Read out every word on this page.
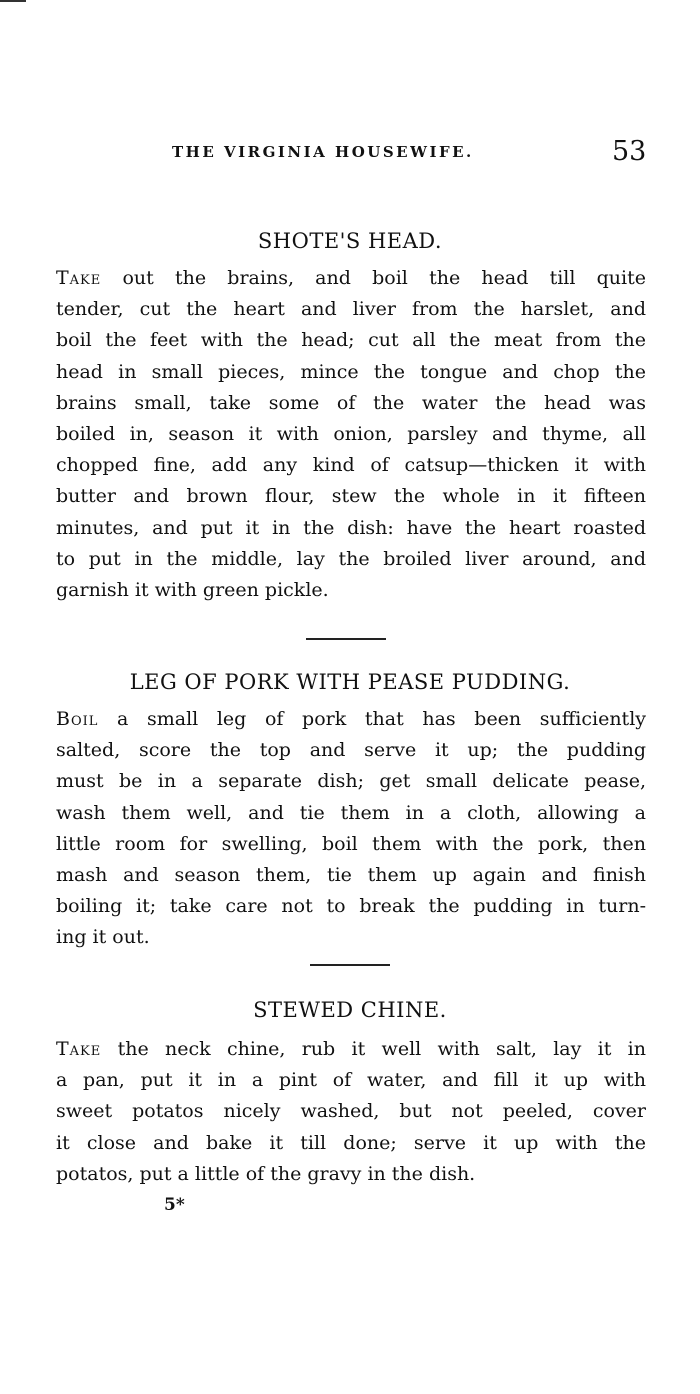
THE VIRGINIA HOUSEWIFE.	53
SHOTE'S HEAD.
Take out the brains, and boil the head till quite
tender, cut the heart and liver from the harslet, and
boil the feet with the head; cut all the meat from the
head in small pieces, mince the tongue and chop the
brains small, take some of the water the head was
boiled in, season it with onion, parsley and thyme, all
chopped fine, add any kind of catsup—thicken it with
butter and brown flour, stew the whole in it fifteen
minutes, and put it in the dish: have the heart roasted
to put in the middle, lay the broiled liver around, and
garnish it with green pickle.
LEG OF PORK WITH PEASE PUDDING.
Boil a small leg of pork that has been sufficiently
salted, score the top and serve it up; the pudding
must be in a separate dish; get small delicate pease,
wash them well, and tie them in a cloth, allowing a
little room for swelling, boil them with the pork, then
mash and season them, tie them up again and finish
boiling it; take care not to break the pudding in turn-
ing it out.
STEWED CHINE.
Take the neck chine, rub it well with salt, lay it in
a pan, put it in a pint of water, and fill it up with
sweet potatos nicely washed, but not peeled, cover
it close and bake it till done; serve it up with the
potatos, put a little of the gravy in the dish.
5*
